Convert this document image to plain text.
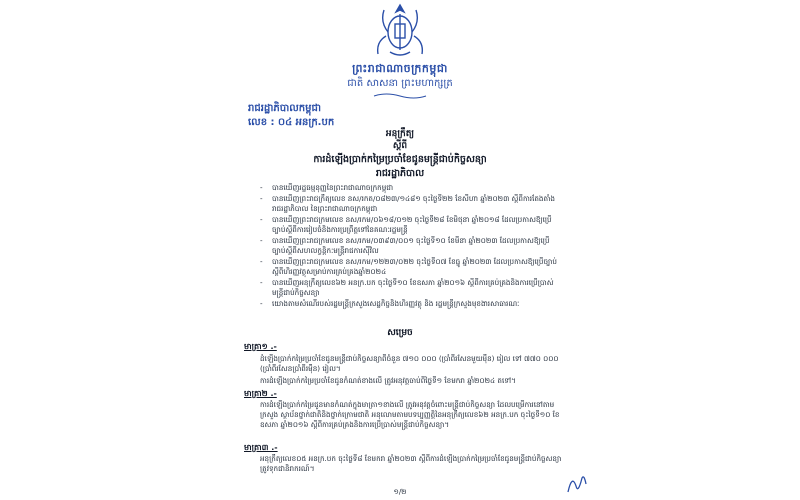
ព្រះរាជាណាចក្រកម្ពុជា
ជាតិ សាសនា ព្រះមហាក្សត្រ
រាជរដ្ឋាភិបាលកម្ពុជា
លេខ : ០៤ អនក្រ.បក
អនុក្រឹត្យ
ស្តីពី
ការដំឡើងប្រាក់កម្រៃប្រចាំខែជូនមន្ត្រីជាប់កិច្ចសន្យា
រាជរដ្ឋាភិបាល
- បានឃើញរដ្ឋធម្មនុញ្ញនៃព្រះរាជាណាចក្រកម្ពុជា
- បានឃើញព្រះរាជក្រឹត្យលេខ នស/រកត/០៨២៣/១៤៨១ ចុះថ្ងៃទី២២ ខែសីហា ឆ្នាំ២០២៣ ស្តីពីការតែងតាំងរាជរដ្ឋាភិបាល នៃព្រះរាជាណាចក្រកម្ពុជា
- បានឃើញព្រះរាជក្រមលេខ នស/រកម/០៦១៨/០១២ ចុះថ្ងៃទី២៨ ខែមិថុនា ឆ្នាំ២០១៨ ដែលប្រកាសឱ្យប្រើច្បាប់ស្តីពីការរៀបចំនិងការប្រព្រឹត្តទៅនៃគណៈរដ្ឋមន្ត្រី
- បានឃើញព្រះរាជក្រមលេខ នស/រកម/០៣៩៣/០០១ ចុះថ្ងៃទី១០ ខែមីនា ឆ្នាំ២០២៣ ដែលប្រកាសឱ្យប្រើច្បាប់ស្តីពីសហលក្ខន្តិកៈមន្ត្រីរាជការស៊ីវិល
- បានឃើញព្រះរាជក្រមលេខ នស/រកម/១២២៣/០២២ ចុះថ្ងៃទី០៧ ខែធ្នូ ឆ្នាំ២០២៣ ដែលប្រកាសឱ្យប្រើច្បាប់ស្តីពីហិរញ្ញវត្ថុសម្រាប់ការគ្រប់គ្រងឆ្នាំ២០២៤
- បានឃើញអនុក្រឹត្យលេខ៦២ អនក្រ.បក ចុះថ្ងៃទី១០ ខែឧសភា ឆ្នាំ២០១៦ ស្តីពីការគ្រប់គ្រងនិងការប្រើប្រាស់មន្ត្រីជាប់កិច្ចសន្យា
- យោងតាមសំណើរបស់រដ្ឋមន្ត្រីក្រសួងសេដ្ឋកិច្ចនិងហិរញ្ញវត្ថុ និង រដ្ឋមន្ត្រីក្រសួងមុខងារសាធារណៈ
សម្រេច
មាត្រា១ .-

ដំឡើងប្រាក់កម្រៃប្រចាំខែជូនមន្ត្រីជាប់កិច្ចសន្យាពីចំនួន ៧១០ ០០០ (ប្រាំពីរសែនមួយម៉ឺន) រៀល ទៅ ៧៧០ ០០០ (ប្រាំពីរសែនប្រាំពីរម៉ឺន) រៀល។

ការដំឡើងប្រាក់កម្រៃប្រចាំខែជូនកំណត់ខាងលើ ត្រូវអនុវត្តចាប់ពីថ្ងៃទី១ ខែមករា ឆ្នាំ២០២៤ តទៅ។

មាត្រា២ .-

ការដំឡើងប្រាក់កម្រៃជូនមានកំណត់ក្នុងមាត្រា១ខាងលើ ត្រូវអនុវត្តចំពោះមន្ត្រីជាប់កិច្ចសន្យា ដែលបម្រើការនៅតាមក្រសួង ស្ថាប័នថ្នាក់ជាតិនិងថ្នាក់ក្រោមជាតិ អនុលោមតាមបទប្បញ្ញត្តិនៃអនុក្រឹត្យលេខ៦២ អនក្រ.បក ចុះថ្ងៃទី១០ ខែឧសភា ឆ្នាំ២០១៦ ស្តីពីការគ្រប់គ្រងនិងការប្រើប្រាស់មន្ត្រីជាប់កិច្ចសន្យា។

មាត្រា៣ .-

អនុក្រឹត្យលេខ០៥ អនក្រ.បក ចុះថ្ងៃទី៨ ខែមករា ឆ្នាំ២០២៣ ស្តីពីការដំឡើងប្រាក់កម្រៃប្រចាំខែជូនមន្ត្រីជាប់កិច្ចសន្យា ត្រូវទុកជានិរាករណ៍។

១/២
